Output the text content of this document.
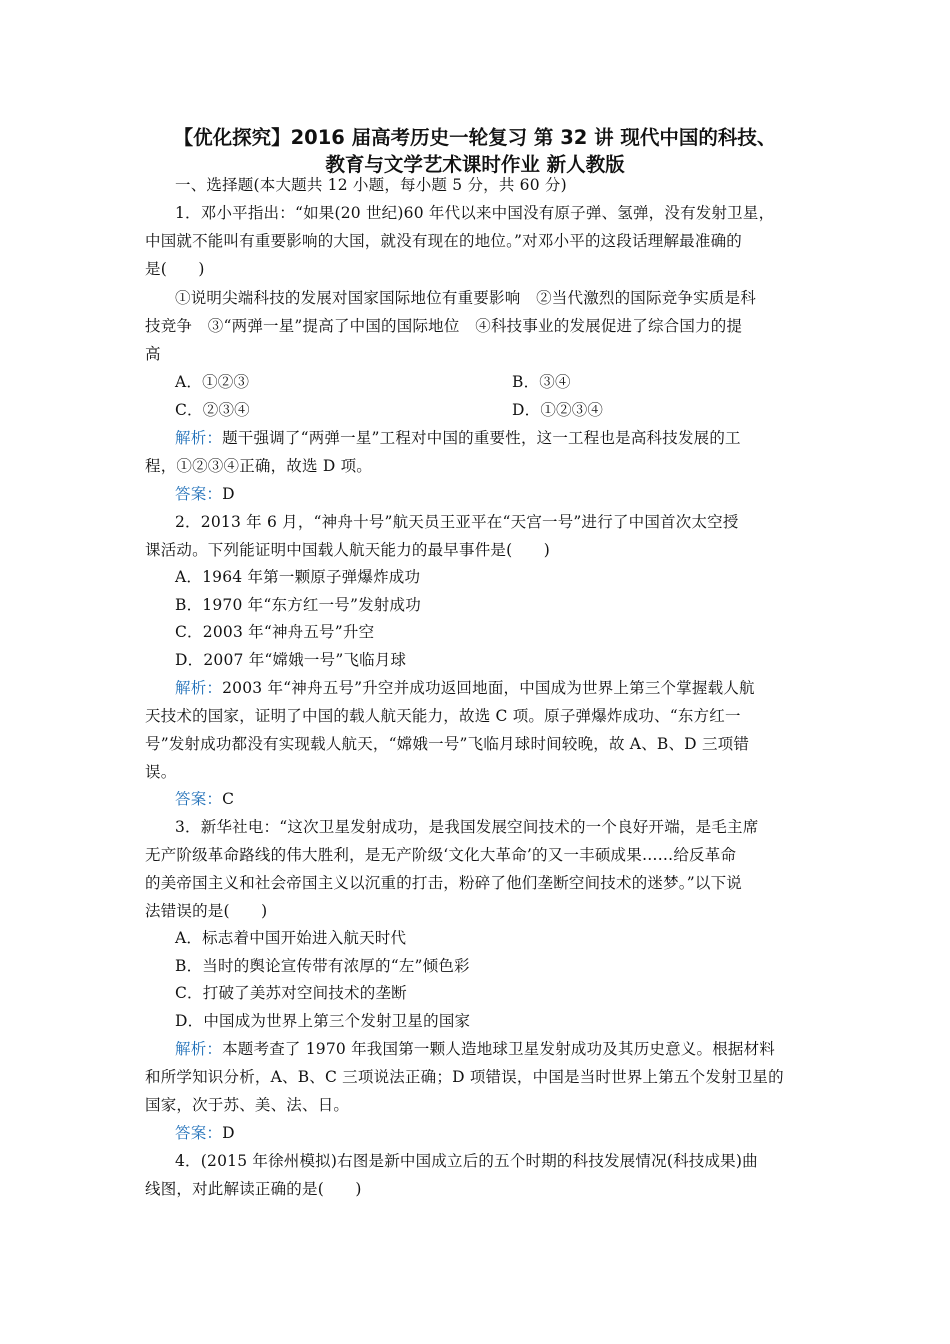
【优化探究】2016 届高考历史一轮复习 第 32 讲 现代中国的科技、
教育与文学艺术课时作业 新人教版
一、选择题(本大题共 12 小题，每小题 5 分，共 60 分)
1．邓小平指出：“如果(20 世纪)60 年代以来中国没有原子弹、氢弹，没有发射卫星，
中国就不能叫有重要影响的大国，就没有现在的地位。”对邓小平的这段话理解最准确的
是(　　)
①说明尖端科技的发展对国家国际地位有重要影响　②当代激烈的国际竞争实质是科
技竞争　③“两弹一星”提高了中国的国际地位　④科技事业的发展促进了综合国力的提
高
A．①②③	B．③④
C．②③④	D．①②③④
解析：题干强调了“两弹一星”工程对中国的重要性，这一工程也是高科技发展的工
程，①②③④正确，故选 D 项。
答案：D
2．2013 年 6 月，“神舟十号”航天员王亚平在“天宫一号”进行了中国首次太空授
课活动。下列能证明中国载人航天能力的最早事件是(　　)
A．1964 年第一颗原子弹爆炸成功
B．1970 年“东方红一号”发射成功
C．2003 年“神舟五号”升空
D．2007 年“嫦娥一号”飞临月球
解析：2003 年“神舟五号”升空并成功返回地面，中国成为世界上第三个掌握载人航
天技术的国家，证明了中国的载人航天能力，故选 C 项。原子弹爆炸成功、“东方红一
号”发射成功都没有实现载人航天，“嫦娥一号”飞临月球时间较晚，故 A、B、D 三项错
误。
答案：C
3．新华社电：“这次卫星发射成功，是我国发展空间技术的一个良好开端，是毛主席
无产阶级革命路线的伟大胜利，是无产阶级‘文化大革命’的又一丰硕成果……给反革命
的美帝国主义和社会帝国主义以沉重的打击，粉碎了他们垄断空间技术的迷梦。”以下说
法错误的是(　　)
A．标志着中国开始进入航天时代
B．当时的舆论宣传带有浓厚的“左”倾色彩
C．打破了美苏对空间技术的垄断
D．中国成为世界上第三个发射卫星的国家
解析：本题考查了 1970 年我国第一颗人造地球卫星发射成功及其历史意义。根据材料
和所学知识分析，A、B、C 三项说法正确；D 项错误，中国是当时世界上第五个发射卫星的
国家，次于苏、美、法、日。
答案：D
4．(2015 年徐州模拟)右图是新中国成立后的五个时期的科技发展情况(科技成果)曲
线图，对此解读正确的是(　　)
